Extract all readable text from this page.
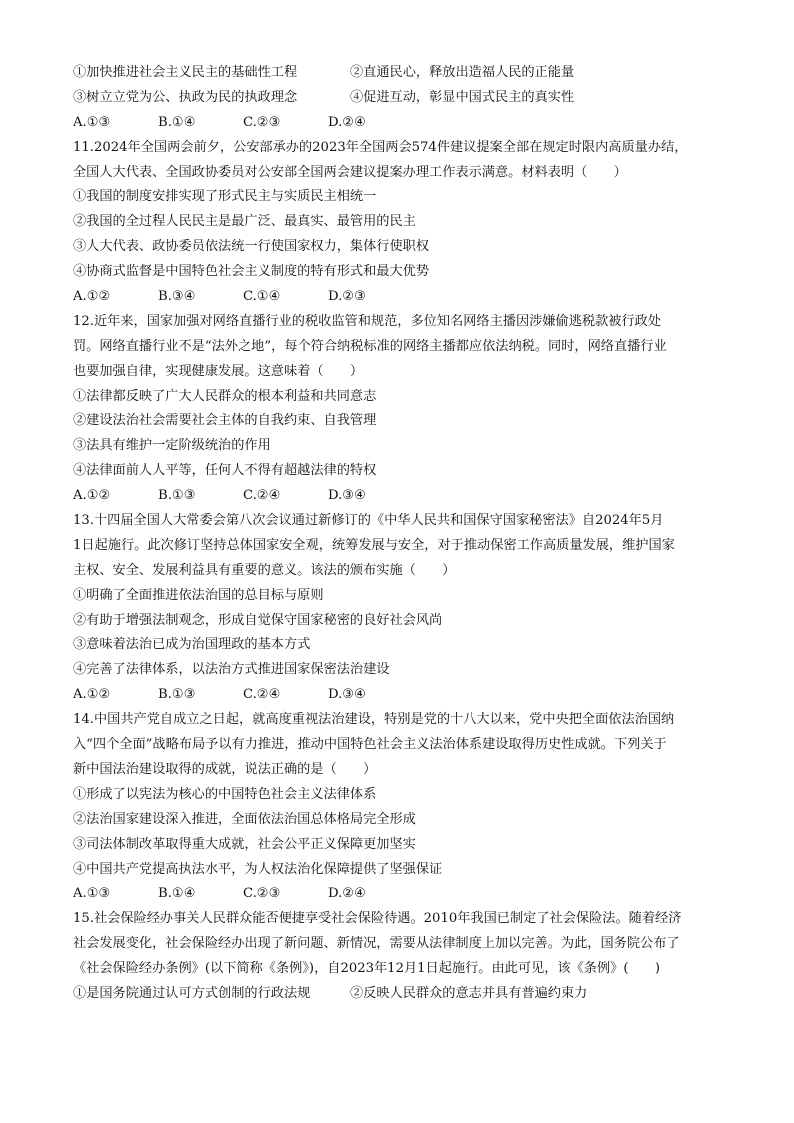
①加快推进社会主义民主的基础性工程	②直通民心，释放出造福人民的正能量
③树立立党为公、执政为民的执政理念	④促进互动，彰显中国式民主的真实性
A.①③	B.①④	C.②③	D.②④
11.2024年全国两会前夕，公安部承办的2023年全国两会574件建议提案全部在规定时限内高质量办结，
全国人大代表、全国政协委员对公安部全国两会建议提案办理工作表示满意。材料表明（　　）
①我国的制度安排实现了形式民主与实质民主相统一
②我国的全过程人民民主是最广泛、最真实、最管用的民主
③人大代表、政协委员依法统一行使国家权力，集体行使职权
④协商式监督是中国特色社会主义制度的特有形式和最大优势
A.①②	B.③④	C.①④	D.②③
12.近年来，国家加强对网络直播行业的税收监管和规范，多位知名网络主播因涉嫌偷逃税款被行政处
罚。网络直播行业不是“法外之地”，每个符合纳税标准的网络主播都应依法纳税。同时，网络直播行业
也要加强自律，实现健康发展。这意味着（　　）
①法律都反映了广大人民群众的根本利益和共同意志
②建设法治社会需要社会主体的自我约束、自我管理
③法具有维护一定阶级统治的作用
④法律面前人人平等，任何人不得有超越法律的特权
A.①②	B.①③	C.②④	D.③④
13.十四届全国人大常委会第八次会议通过新修订的《中华人民共和国保守国家秘密法》自2024年5月
1日起施行。此次修订坚持总体国家安全观，统筹发展与安全，对于推动保密工作高质量发展，维护国家
主权、安全、发展利益具有重要的意义。该法的颁布实施（　　）
①明确了全面推进依法治国的总目标与原则
②有助于增强法制观念，形成自觉保守国家秘密的良好社会风尚
③意味着法治已成为治国理政的基本方式
④完善了法律体系，以法治方式推进国家保密法治建设
A.①②	B.①③	C.②④	D.③④
14.中国共产党自成立之日起，就高度重视法治建设，特别是党的十八大以来，党中央把全面依法治国纳
入“四个全面”战略布局予以有力推进，推动中国特色社会主义法治体系建设取得历史性成就。下列关于
新中国法治建设取得的成就，说法正确的是（　　）
①形成了以宪法为核心的中国特色社会主义法律体系
②法治国家建设深入推进，全面依法治国总体格局完全形成
③司法体制改革取得重大成就，社会公平正义保障更加坚实
④中国共产党提高执法水平，为人权法治化保障提供了坚强保证
A.①③	B.①④	C.②③	D.②④
15.社会保险经办事关人民群众能否便捷享受社会保险待遇。2010年我国已制定了社会保险法。随着经济
社会发展变化，社会保险经办出现了新问题、新情况，需要从法律制度上加以完善。为此，国务院公布了
《社会保险经办条例》(以下简称《条例》)，自2023年12月1日起施行。由此可见，该《条例》(　　)
①是国务院通过认可方式创制的行政法规	②反映人民群众的意志并具有普遍约束力
